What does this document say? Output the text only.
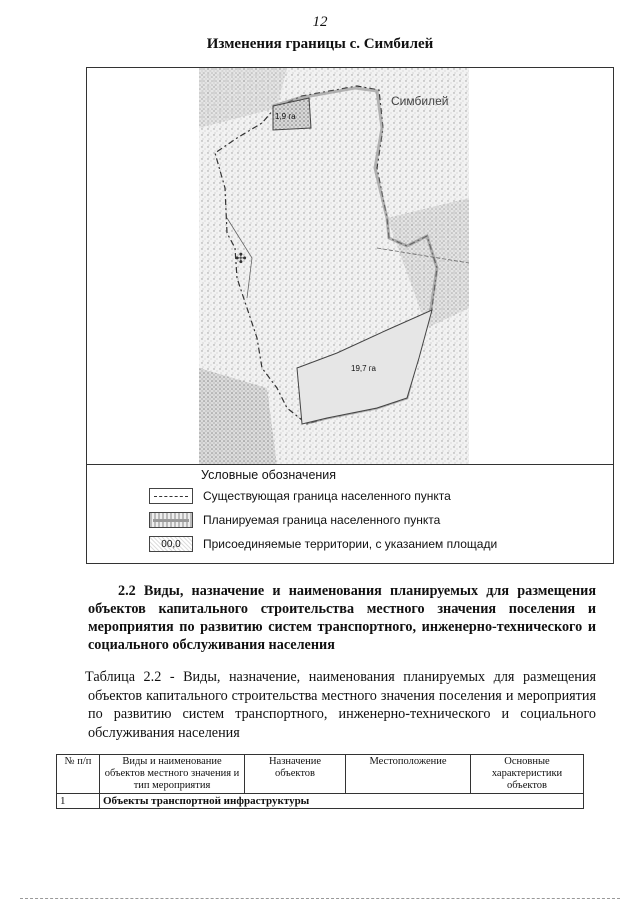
12
Изменения границы с. Симбилей
✣
Симбилей
1,9 га
19,7 га
Условные обозначения
Существующая граница населенного пункта
Планируемая граница населенного пункта
00,0	Присоединяемые территории, с указанием площади
2.2 Виды, назначение и наименования планируемых для размещения объектов капитального строительства местного значения поселения и мероприятия по развитию систем транспортного, инженерно-технического и социального обслуживания населения
Таблица 2.2 - Виды, назначение, наименования планируемых для размещения объектов капитального строительства местного значения поселения и мероприятия по развитию систем транспортного, инженерно-технического и социального обслуживания населения
№ п/п	Виды и наименование объектов местного значения и тип мероприятия	Назначение объектов	Местоположение	Основные характеристики объектов
1	Объекты транспортной инфраструктуры			
